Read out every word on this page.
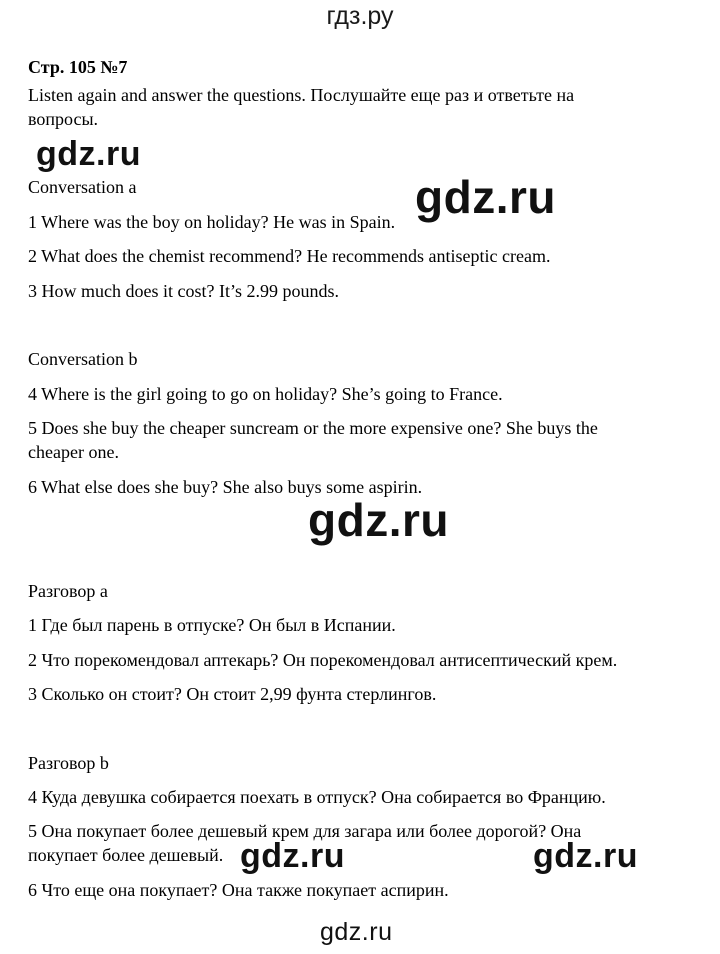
гдз.ру
Стр. 105 №7
Listen again and answer the questions. Послушайте еще раз и ответьте на вопросы.
Conversation a
1 Where was the boy on holiday? He was in Spain.
2 What does the chemist recommend? He recommends antiseptic cream.
3 How much does it cost? It’s 2.99 pounds.
Conversation b
4 Where is the girl going to go on holiday? She’s going to France.
5 Does she buy the cheaper suncream or the more expensive one? She buys the cheaper one.
6 What else does she buy? She also buys some aspirin.
Разговор а
1 Где был парень в отпуске? Он был в Испании.
2 Что порекомендовал аптекарь? Он порекомендовал антисептический крем.
3 Сколько он стоит? Он стоит 2,99 фунта стерлингов.
Разговор b
4 Куда девушка собирается поехать в отпуск? Она собирается во Францию.
5 Она покупает более дешевый крем для загара или более дорогой? Она покупает более дешевый.
6 Что еще она покупает? Она также покупает аспирин.
gdz.ru
gdz.ru
gdz.ru
gdz.ru	gdz.ru
gdz.ru
